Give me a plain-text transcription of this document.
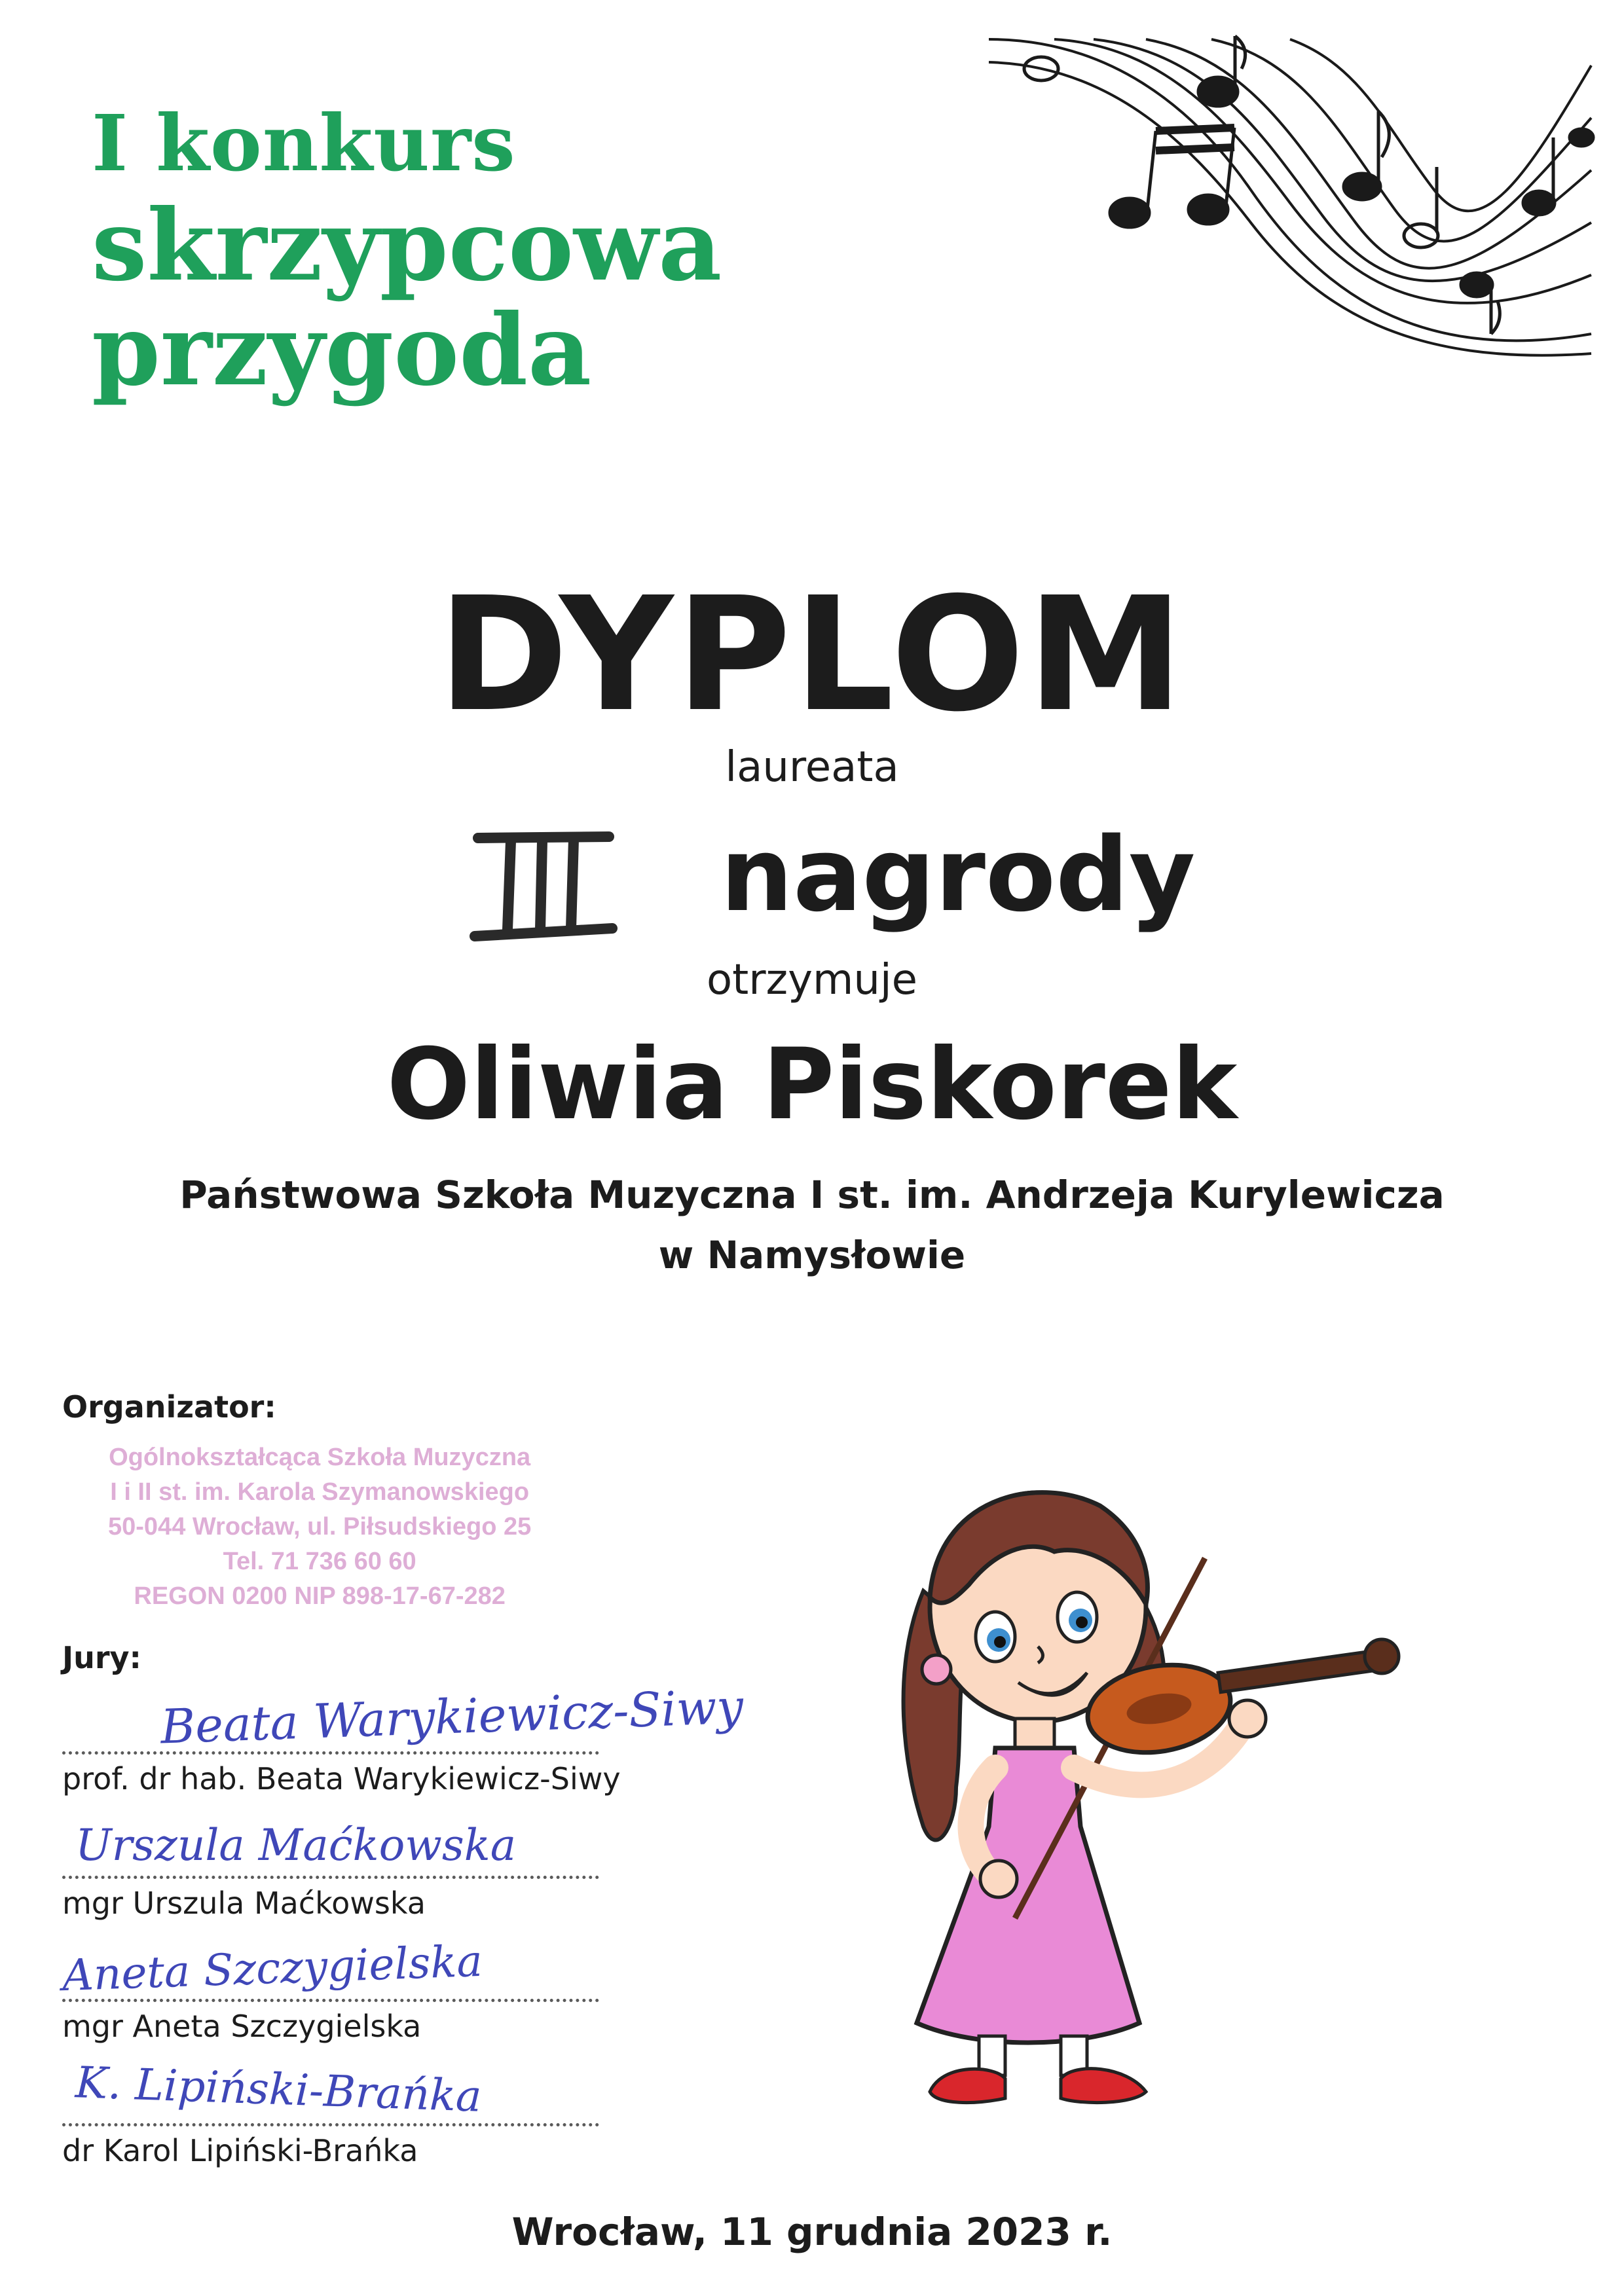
I konkurs
skrzypcowa
przygoda
DYPLOM
laureata
nagrody
otrzymuje
Oliwia Piskorek
Państwowa Szkoła Muzyczna I st. im. Andrzeja Kurylewicza
w Namysłowie
Organizator:
Ogólnokształcąca Szkoła Muzyczna
I i II st. im. Karola Szymanowskiego
50-044 Wrocław, ul. Piłsudskiego 25
Tel. 71 736 60 60
REGON 0200 NIP 898-17-67-282
Jury:
Beata Warykiewicz-Siwy
prof. dr hab. Beata Warykiewicz-Siwy
Urszula Maćkowska
mgr Urszula Maćkowska
Aneta Szczygielska
mgr Aneta Szczygielska
K. Lipiński-Brańka
dr Karol Lipiński-Brańka
Wrocław, 11 grudnia 2023 r.
